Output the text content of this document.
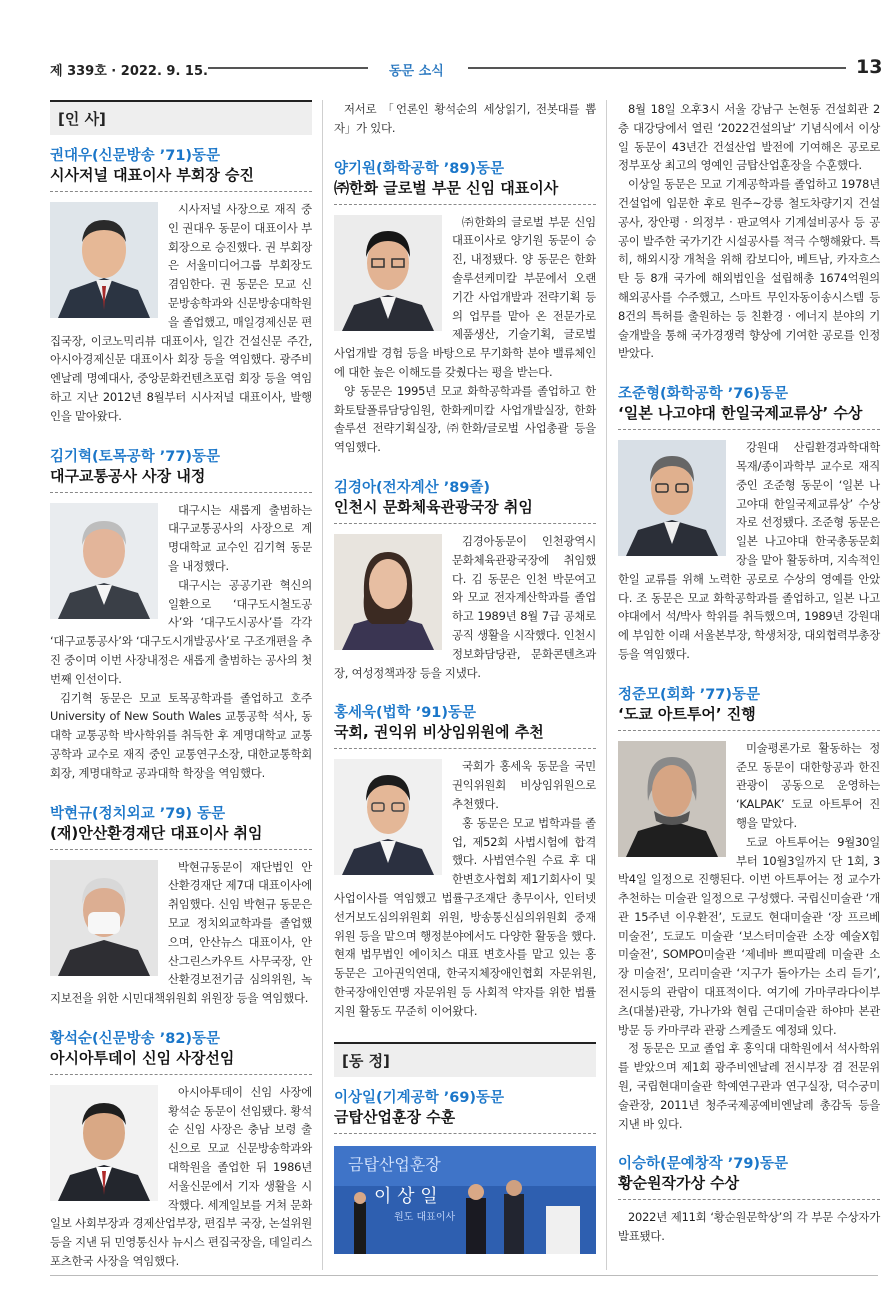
제 339호 · 2022. 9. 15.	동문 소식	13
[인 사]
권대우(신문방송 ’71)동문
시사저널 대표이사 부회장 승진

시사저널 사장으로 재직 중인 권대우 동문이 대표이사 부회장으로 승진했다. 권 부회장은 서울미디어그룹 부회장도 겸임한다. 권 동문은 모교 신문방송학과와 신문방송대학원을 졸업했고, 매일경제신문 편집국장, 이코노믹리뷰 대표이사, 일간 건설신문 주간, 아시아경제신문 대표이사 회장 등을 역임했다. 광주비엔날레 명예대사, 중앙문화컨텐츠포럼 회장 등을 역임하고 지난 2012년 8월부터 시사저널 대표이사, 발행인을 맡아왔다.

김기혁(토목공학 ’77)동문
대구교통공사 사장 내정

대구시는 새롭게 출범하는 대구교통공사의 사장으로 계명대학교 교수인 김기혁 동문을 내정했다.

대구시는 공공기관 혁신의 일환으로 ‘대구도시철도공사’와 ‘대구도시공사’를 각각 ‘대구교통공사’와 ‘대구도시개발공사’로 구조개편을 추진 중이며 이번 사장내정은 새롭게 출범하는 공사의 첫 번째 인선이다.

김기혁 동문은 모교 토목공학과를 졸업하고 호주 University of New South Wales 교통공학 석사, 동 대학 교통공학 박사학위를 취득한 후 계명대학교 교통공학과 교수로 재직 중인 교통연구소장, 대한교통학회 회장, 계명대학교 공과대학 학장을 역임했다.

박현규(정치외교 ’79) 동문
(재)안산환경재단 대표이사 취임

박현규동문이 재단법인 안산환경재단 제7대 대표이사에 취임했다. 신임 박현규 동문은 모교 정치외교학과를 졸업했으며, 안산뉴스 대표이사, 안산그린스카우트 사무국장, 안산환경보전기금 심의위원, 녹지보전을 위한 시민대책위원회 위원장 등을 역임했다.

황석순(신문방송 ’82)동문
아시아투데이 신임 사장선임

아시아투데이 신임 사장에 황석순 동문이 선임됐다. 황석순 신임 사장은 충남 보령 출신으로 모교 신문방송학과와 대학원을 졸업한 뒤 1986년 서울신문에서 기자 생활을 시작했다. 세계일보를 거쳐 문화일보 사회부장과 경제산업부장, 편집부 국장, 논설위원 등을 지낸 뒤 민영통신사 뉴시스 편집국장을, 데일리스포츠한국 사장을 역임했다.

저서로 「언론인 황석순의 세상읽기, 전봇대를 뽑자」가 있다.

양기원(화학공학 ’89)동문
㈜한화 글로벌 부문 신임 대표이사

㈜한화의 글로벌 부문 신임 대표이사로 양기원 동문이 승진, 내정됐다. 양 동문은 한화솔루션케미칼 부문에서 오랜 기간 사업개발과 전략기획 등의 업무를 맡아 온 전문가로 제품생산, 기술기획, 글로벌 사업개발 경험 등을 바탕으로 무기화학 분야 밸류체인에 대한 높은 이해도를 갖췄다는 평을 받는다.

양 동문은 1995년 모교 화학공학과를 졸업하고 한화토탈폴류담당임원, 한화케미칼 사업개발실장, 한화솔루션 전략기획실장, ㈜한화/글로벌 사업총괄 등을 역임했다.

김경아(전자계산 ’89졸)
인천시 문화체육관광국장 취임

김경아동문이 인천광역시 문화체육관광국장에 취임했다. 김 동문은 인천 박문여고와 모교 전자계산학과를 졸업하고 1989년 8월 7급 공채로 공직 생활을 시작했다. 인천시 정보화담당관, 문화콘텐츠과장, 여성정책과장 등을 지냈다.

홍세욱(법학 ’91)동문
국회, 권익위 비상임위원에 추천

국회가 홍세욱 동문을 국민권익위원회 비상임위원으로 추천했다.

홍 동문은 모교 법학과를 졸업, 제52회 사법시험에 합격했다. 사법연수원 수료 후 대한변호사협회 제1기회사이 및 사업이사를 역임했고 법률구조재단 총무이사, 인터넷선거보도심의위원회 위원, 방송통신심의위원회 중재위원 등을 맡으며 행정분야에서도 다양한 활동을 했다. 현재 법무법인 에이치스 대표 변호사를 맡고 있는 홍 동문은 고아권익연대, 한국지체장애인협회 자문위원, 한국장애인연맹 자문위원 등 사회적 약자를 위한 법률지원 활동도 꾸준히 이어왔다.

[동 정]
이상일(기계공학 ’69)동문
금탑산업훈장 수훈
금탑산업훈장
이 상 일
원도 대표이사

8월 18일 오후3시 서울 강남구 논현동 건설회관 2층 대강당에서 열린 ‘2022건설의날’ 기념식에서 이상일 동문이 43년간 건설산업 발전에 기여해온 공로로 정부포상 최고의 영예인 금탑산업훈장을 수훈했다.

이상일 동문은 모교 기계공학과를 졸업하고 1978년 건설업에 입문한 후로 원주~강릉 철도차량기지 건설공사, 장안평 · 의정부 · 판교역사 기계설비공사 등 공공이 발주한 국가기간 시설공사를 적극 수행해왔다. 특히, 해외시장 개척을 위해 캄보디아, 베트남, 카자흐스탄 등 8개 국가에 해외법인을 설립해총 1674억원의 해외공사를 수주했고, 스마트 무인자동이송시스템 등 8건의 특허를 출원하는 등 친환경 · 에너지 분야의 기술개발을 통해 국가경쟁력 향상에 기여한 공로를 인정받았다.

조준형(화학공학 ’76)동문
‘일본 나고야대 한일국제교류상’ 수상

강원대 산림환경과학대학 목재/종이과학부 교수로 재직중인 조준형 동문이 ‘일본 나고야대 한일국제교류상’ 수상자로 선정됐다. 조준형 동문은 일본 나고야대 한국총동문회장을 맡아 활동하며, 지속적인 한일 교류를 위해 노력한 공로로 수상의 영예를 안았다. 조 동문은 모교 화학공학과를 졸업하고, 일본 나고야대에서 석/박사 학위를 취득했으며, 1989년 강원대에 부임한 이래 서울본부장, 학생처장, 대외협력부총장 등을 역임했다.

정준모(회화 ’77)동문
‘도쿄 아트투어’ 진행

미술평론가로 활동하는 정준모 동문이 대한항공과 한진관광이 공동으로 운영하는 ‘KALPAK’ 도쿄 아트투어 진행을 맡았다.

도쿄 아트투어는 9월30일부터 10월3일까지 단 1회, 3박4일 일정으로 진행된다. 이번 아트투어는 정 교수가 추천하는 미술관 일정으로 구성했다. 국립신미술관 ‘개관 15주년 이우환전’, 도쿄도 현대미술관 ‘장 프르베 미술전’, 도쿄도 미술관 ‘보스터미술관 소장 예술X힘 미술전’, SOMPO미술관 ‘제네바 쁘띠팔레 미술관 소장 미술전’, 모리미술관 ‘지구가 돌아가는 소리 듣기’, 전시등의 관람이 대표적이다. 여기에 가마쿠라다이부츠(대불)관광, 가나가와 현립 근대미술관 하야마 본관 방문 등 카마쿠라 관광 스케줄도 예정돼 있다.

정 동문은 모교 졸업 후 홍익대 대학원에서 석사학위를 받았으며 제1회 광주비엔날레 전시부장 겸 전문위원, 국립현대미술관 학예연구관과 연구실장, 덕수궁미술관장, 2011년 청주국제공예비엔날레 총감독 등을 지낸 바 있다.

이승하(문예창작 ’79)동문
황순원작가상 수상

2022년 제11회 ‘황순원문학상’의 각 부문 수상자가 발표됐다.
